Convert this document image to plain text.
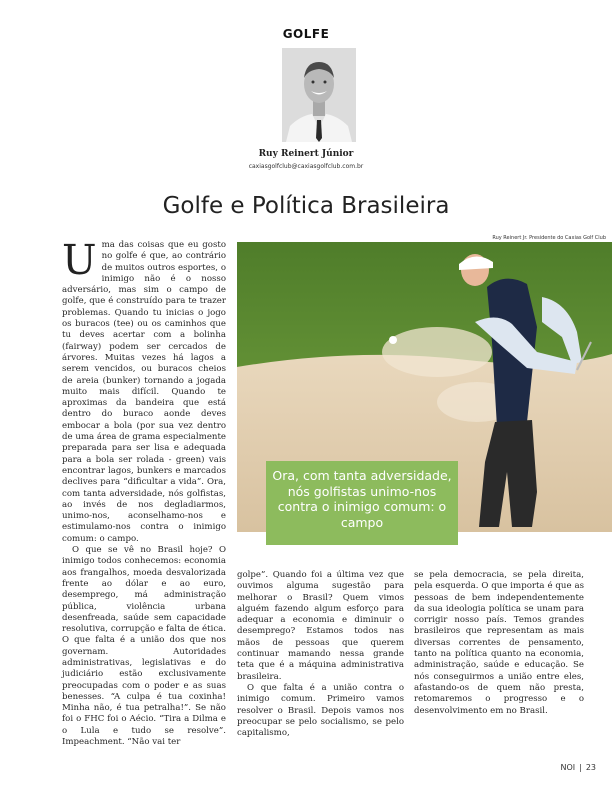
GOLFE
Ruy Reinert Júnior
caxiasgolfclub@caxiasgolfclub.com.br
Golfe e Política Brasileira
Ruy Reinert Jr. Presidente do Caxias Golf Club
Ora, com tanta adversidade, nós golfistas unimo-nos contra o inimigo comum: o campo

Uma das coisas que eu gosto no golfe é que, ao contrário de muitos outros esportes, o inimigo não é o nosso adversário, mas sim o campo de golfe, que é construído para te trazer problemas. Quando tu inicias o jogo os buracos (tee) ou os caminhos que tu deves acertar com a bolinha (fairway) podem ser cercados de árvores. Muitas vezes há lagos a serem vencidos, ou buracos cheios de areia (bunker) tornando a jogada muito mais difícil. Quando te aproximas da bandeira que está dentro do buraco aonde deves embocar a bola (por sua vez dentro de uma área de grama especialmente preparada para ser lisa e adequada para a bola ser rolada - green) vais encontrar lagos, bunkers e marcados declives para “dificultar a vida”. Ora, com tanta adversidade, nós golfistas, ao invés de nos degladiarmos, unimo-nos, aconselhamo-nos e estimulamo-nos contra o inimigo comum: o campo.

O que se vê no Brasil hoje? O inimigo todos conhecemos: economia aos frangalhos, moeda desvalorizada frente ao dólar e ao euro, desemprego, má administração pública, violência urbana desenfreada, saúde sem capacidade resolutiva, corrupção e falta de ética. O que falta é a união dos que nos governam. Autoridades administrativas, legislativas e do judiciário estão exclusivamente preocupadas com o poder e as suas benesses. “A culpa é tua coxinha! Minha não, é tua petralha!”. Se não foi o FHC foi o Aécio. “Tira a Dilma e o Lula e tudo se resolve”. Impeachment. “Não vai ter

golpe”. Quando foi a última vez que ouvimos alguma sugestão para melhorar o Brasil? Quem vimos alguém fazendo algum esforço para adequar a economia e diminuir o desemprego? Estamos todos nas mãos de pessoas que querem continuar mamando nessa grande teta que é a máquina administrativa brasileira.

O que falta é a união contra o inimigo comum. Primeiro vamos resolver o Brasil. Depois vamos nos preocupar se pelo socialismo, se pelo capitalismo,

se pela democracia, se pela direita, pela esquerda. O que importa é que as pessoas de bem independentemente da sua ideologia política se unam para corrigir nosso país. Temos grandes brasileiros que representam as mais diversas correntes de pensamento, tanto na política quanto na economia, administração, saúde e educação. Se nós conseguirmos a união entre eles, afastando-os de quem não presta, retomaremos o progresso e o desenvolvimento em no Brasil.

NOI | 23
